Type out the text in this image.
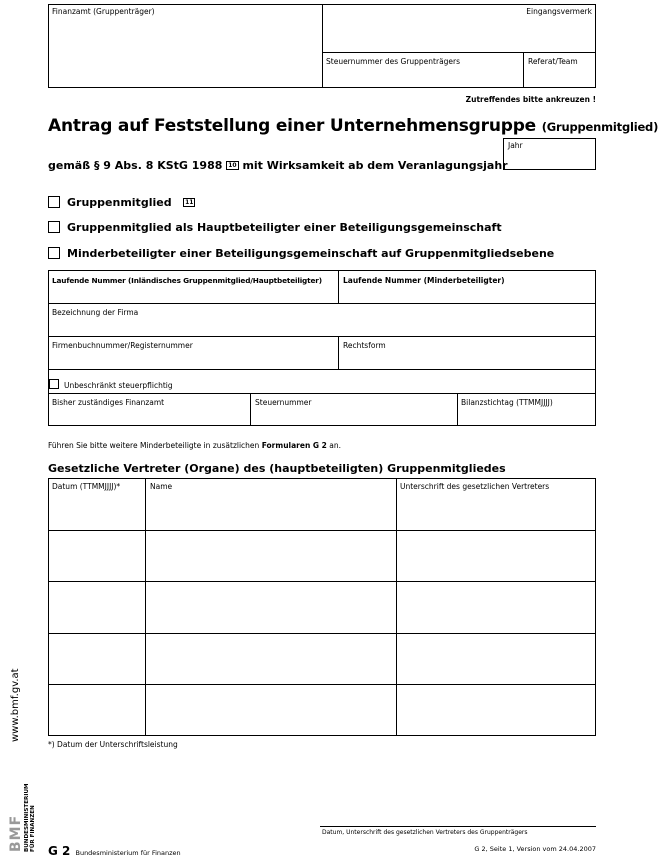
Finanzamt (Gruppenträger)	Eingangsvermerk
Steuernummer des Gruppenträgers	Referat/Team
Zutreffendes bitte ankreuzen !
Antrag auf Feststellung einer Unternehmensgruppe (Gruppenmitglied)
Jahr
gemäß § 9 Abs. 8 KStG 1988 10 mit Wirksamkeit ab dem Veranlagungsjahr
Gruppenmitglied 11
Gruppenmitglied als Hauptbeteiligter einer Beteiligungsgemeinschaft
Minderbeteiligter einer Beteiligungsgemeinschaft auf Gruppenmitgliedsebene
Laufende Nummer (Inländisches Gruppenmitglied/Hauptbeteiligter)	Laufende Nummer (Minderbeteiligter)
Bezeichnung der Firma
Firmenbuchnummer/Registernummer	Rechtsform
Unbeschränkt steuerpflichtig
Bisher zuständiges Finanzamt	Steuernummer	Bilanzstichtag (TTMMJJJJ)
Führen Sie bitte weitere Minderbeteiligte in zusätzlichen Formularen G 2 an.
Gesetzliche Vertreter (Organe) des (hauptbeteiligten) Gruppenmitgliedes
Datum (TTMMJJJJ)*	Name	Unterschrift des gesetzlichen Vertreters
*) Datum der Unterschriftsleistung
Datum, Unterschrift des gesetzlichen Vertreters des Gruppenträgers
G 2 Bundesministerium für Finanzen	G 2, Seite 1, Version vom 24.04.2007
www.bmf.gv.at
BMF BUNDESMINISTERIUM FÜR FINANZEN
